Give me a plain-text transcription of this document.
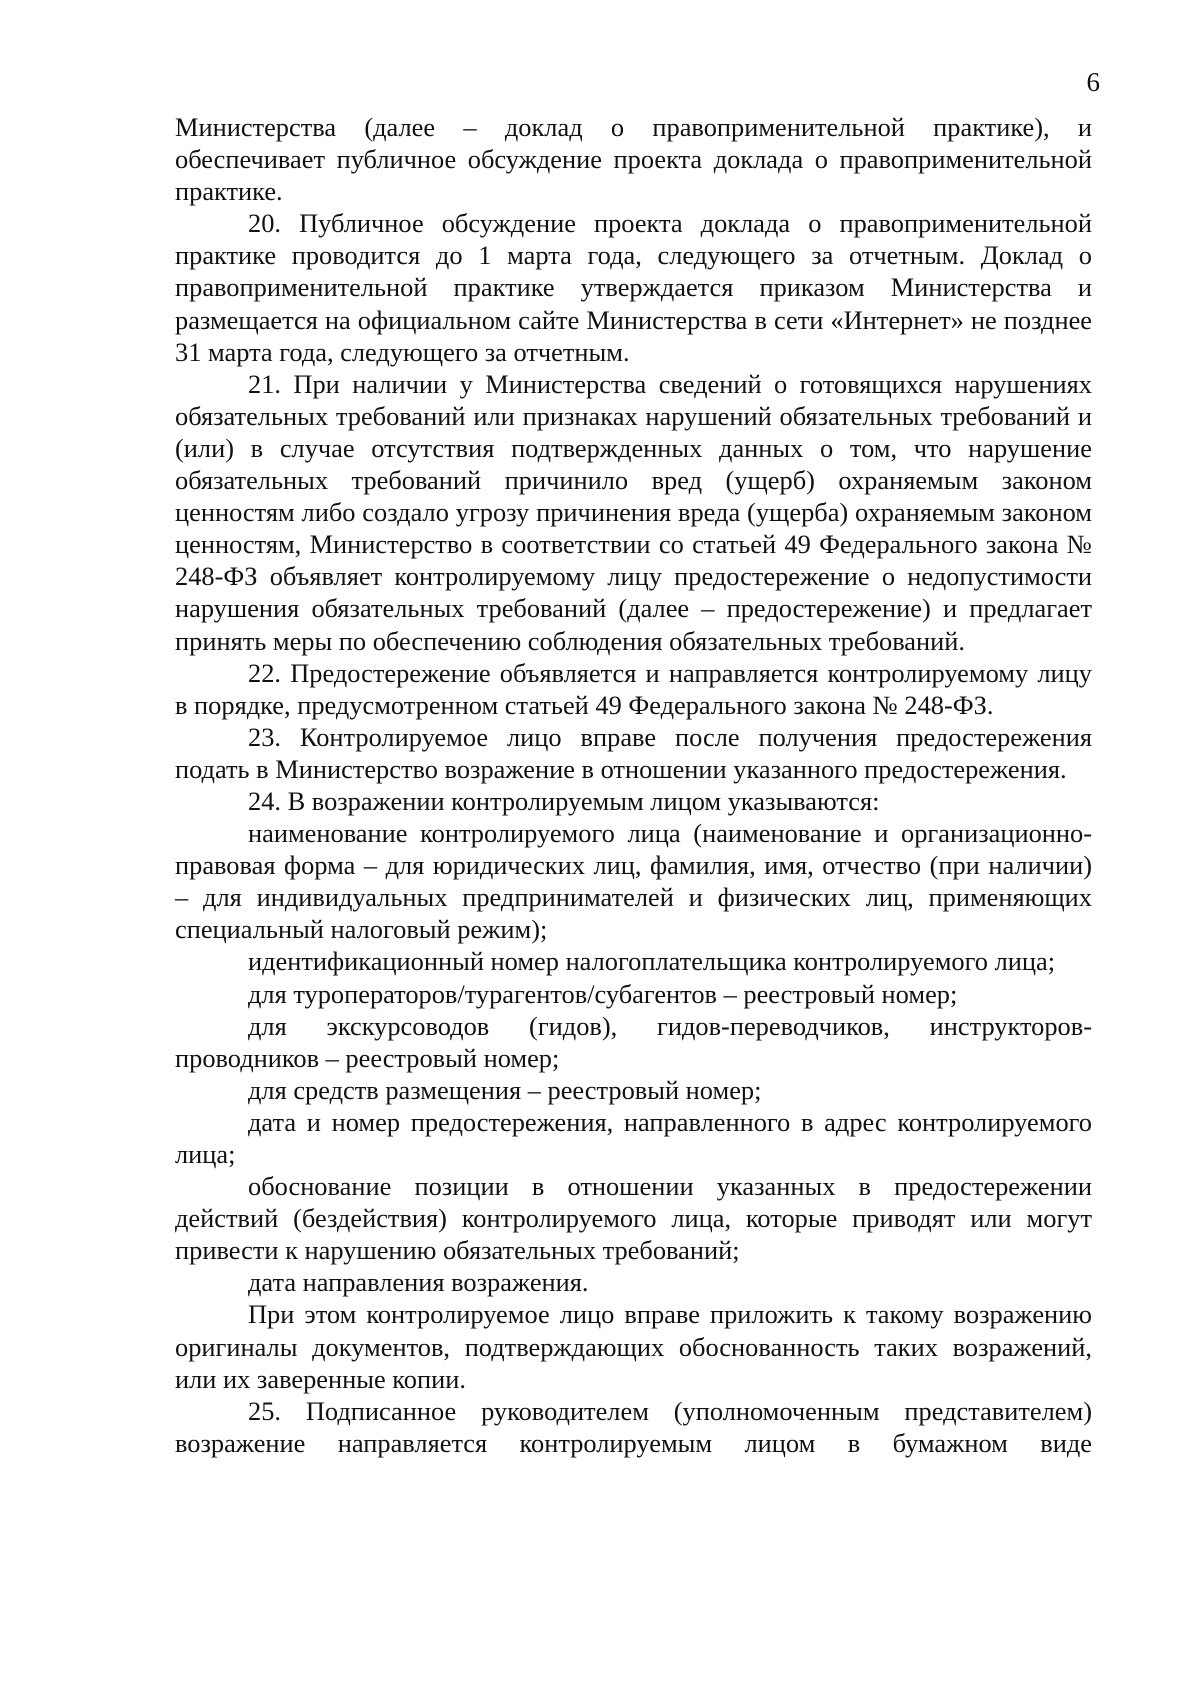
6

Министерства (далее – доклад о правоприменительной практике), и обеспечивает публичное обсуждение проекта доклада о правоприменительной практике.

20. Публичное обсуждение проекта доклада о правоприменительной практике проводится до 1 марта года, следующего за отчетным. Доклад о правоприменительной практике утверждается приказом Министерства и размещается на официальном сайте Министерства в сети «Интернет» не позднее 31 марта года, следующего за отчетным.

21. При наличии у Министерства сведений о готовящихся нарушениях обязательных требований или признаках нарушений обязательных требований и (или) в случае отсутствия подтвержденных данных о том, что нарушение обязательных требований причинило вред (ущерб) охраняемым законом ценностям либо создало угрозу причинения вреда (ущерба) охраняемым законом ценностям, Министерство в соответствии со статьей 49 Федерального закона № 248-ФЗ объявляет контролируемому лицу предостережение о недопустимости нарушения обязательных требований (далее – предостережение) и предлагает принять меры по обеспечению соблюдения обязательных требований.

22. Предостережение объявляется и направляется контролируемому лицу в порядке, предусмотренном статьей 49 Федерального закона № 248-ФЗ.

23. Контролируемое лицо вправе после получения предостережения подать в Министерство возражение в отношении указанного предостережения.

24. В возражении контролируемым лицом указываются:

наименование контролируемого лица (наименование и организационно-правовая форма – для юридических лиц, фамилия, имя, отчество (при наличии) – для индивидуальных предпринимателей и физических лиц, применяющих специальный налоговый режим);

идентификационный номер налогоплательщика контролируемого лица;

для туроператоров/турагентов/субагентов – реестровый номер;

для экскурсоводов (гидов), гидов-переводчиков, инструкторов-проводников – реестровый номер;

для средств размещения – реестровый номер;

дата и номер предостережения, направленного в адрес контролируемого лица;

обоснование позиции в отношении указанных в предостережении действий (бездействия) контролируемого лица, которые приводят или могут привести к нарушению обязательных требований;

дата направления возражения.

При этом контролируемое лицо вправе приложить к такому возражению оригиналы документов, подтверждающих обоснованность таких возражений, или их заверенные копии.

25. Подписанное руководителем (уполномоченным представителем) возражение направляется контролируемым лицом в бумажном виде
